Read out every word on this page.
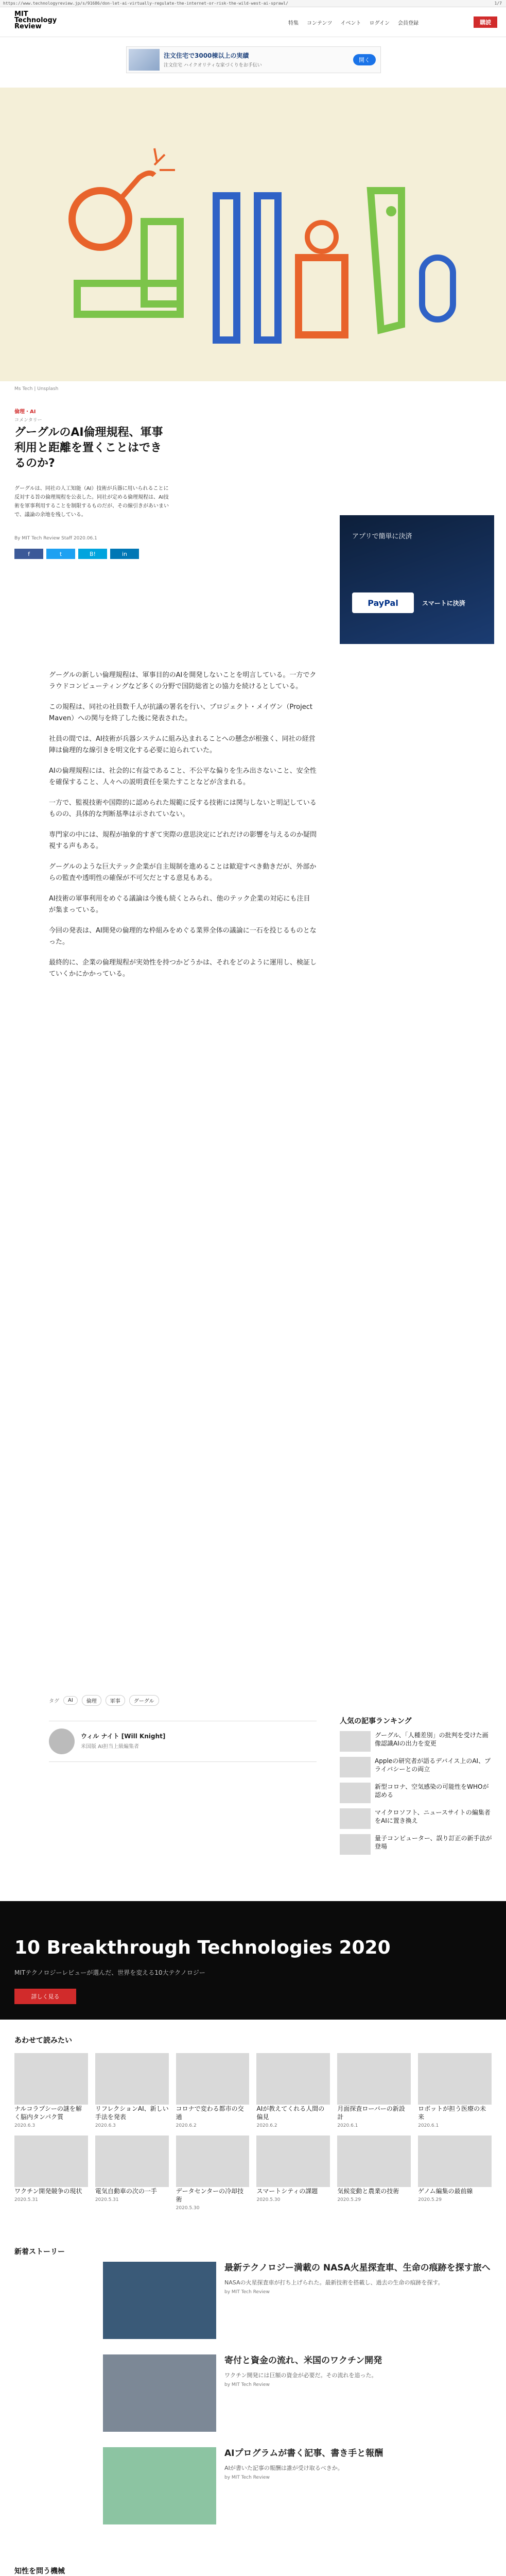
https://www.technologyreview.jp/s/91686/don-let-ai-virtually-regulate-the-internet-or-risk-the-wild-west-ai-sprawl/	1/7
MIT
Technology
Review	特集 コンテンツ イベント ログイン 会員登録	購読
注文住宅で3000棟以上の実績
注文住宅 ハイクオリティな家づくりをお手伝い
開く
Ms Tech | Unsplash
倫理・AI
コメンタリー
グーグルのAI倫理規程、軍事利用と距離を置くことはできるのか?
グーグルは、同社の人工知能（AI）技術が兵器に用いられることに反対する旨の倫理規程を公表した。同社が定める倫理規程は、AI技術を軍事利用することを制限するものだが、その線引きがあいまいで、議論の余地を残している。
By MIT Tech Review Staff 2020.06.1
f	t	B!	in
PayPal	スマートに決済
アプリで簡単に決済

グーグルの新しい倫理規程は、軍事目的のAIを開発しないことを明言している。一方でクラウドコンピューティングなど多くの分野で国防総省との協力を続けるとしている。

この規程は、同社の社員数千人が抗議の署名を行い、プロジェクト・メイヴン（Project Maven）への関与を終了した後に発表された。

社員の間では、AI技術が兵器システムに組み込まれることへの懸念が根強く、同社の経営陣は倫理的な線引きを明文化する必要に迫られていた。

AIの倫理規程には、社会的に有益であること、不公平な偏りを生み出さないこと、安全性を確保すること、人々への説明責任を果たすことなどが含まれる。

一方で、監視技術や国際的に認められた規範に反する技術には関与しないと明記しているものの、具体的な判断基準は示されていない。

専門家の中には、規程が抽象的すぎて実際の意思決定にどれだけの影響を与えるのか疑問視する声もある。

グーグルのような巨大テック企業が自主規制を進めることは歓迎すべき動きだが、外部からの監査や透明性の確保が不可欠だとする意見もある。

AI技術の軍事利用をめぐる議論は今後も続くとみられ、他のテック企業の対応にも注目が集まっている。

今回の発表は、AI開発の倫理的な枠組みをめぐる業界全体の議論に一石を投じるものとなった。

最終的に、企業の倫理規程が実効性を持つかどうかは、それをどのように運用し、検証していくかにかかっている。

タグ	AI	倫理	軍事	グーグル
ウィル ナイト [Will Knight]
米国版 AI担当上級編集者
人気の記事ランキング
グーグル、「人種差別」の批判を受けた画像認識AIの出力を変更
Appleの研究者が語るデバイス上のAI、プライバシーとの両立
新型コロナ、空気感染の可能性をWHOが認める
マイクロソフト、ニュースサイトの編集者をAIに置き換え
量子コンピューター、誤り訂正の新手法が登場
10 Breakthrough Technologies 2020
MITテクノロジーレビューが選んだ、世界を変える10大テクノロジー
詳しく見る
あわせて読みたい
ナルコラプシーの謎を解く脳内タンパク質
2020.6.3
リフレクションAI、新しい手法を発表
2020.6.3
コロナで変わる都市の交通
2020.6.2
AIが教えてくれる人間の偏見
2020.6.2
月面探査ローバーの新設計
2020.6.1
ロボットが担う医療の未来
2020.6.1
ワクチン開発競争の現状
2020.5.31
電気自動車の次の一手
2020.5.31
データセンターの冷却技術
2020.5.30
スマートシティの課題
2020.5.30
気候変動と農業の技術
2020.5.29
ゲノム編集の最前線
2020.5.29
新着ストーリー
最新テクノロジー満載の NASA火星探査車、生命の痕跡を探す旅へ
NASAの火星探査車が打ち上げられた。最新技術を搭載し、過去の生命の痕跡を探す。
by MIT Tech Review
寄付と資金の流れ、米国のワクチン開発
ワクチン開発には巨額の資金が必要だ。その流れを追った。
by MIT Tech Review
AIプログラムが書く記事、書き手と報酬
AIが書いた記事の報酬は誰が受け取るべきか。
by MIT Tech Review
知性を問う機械
